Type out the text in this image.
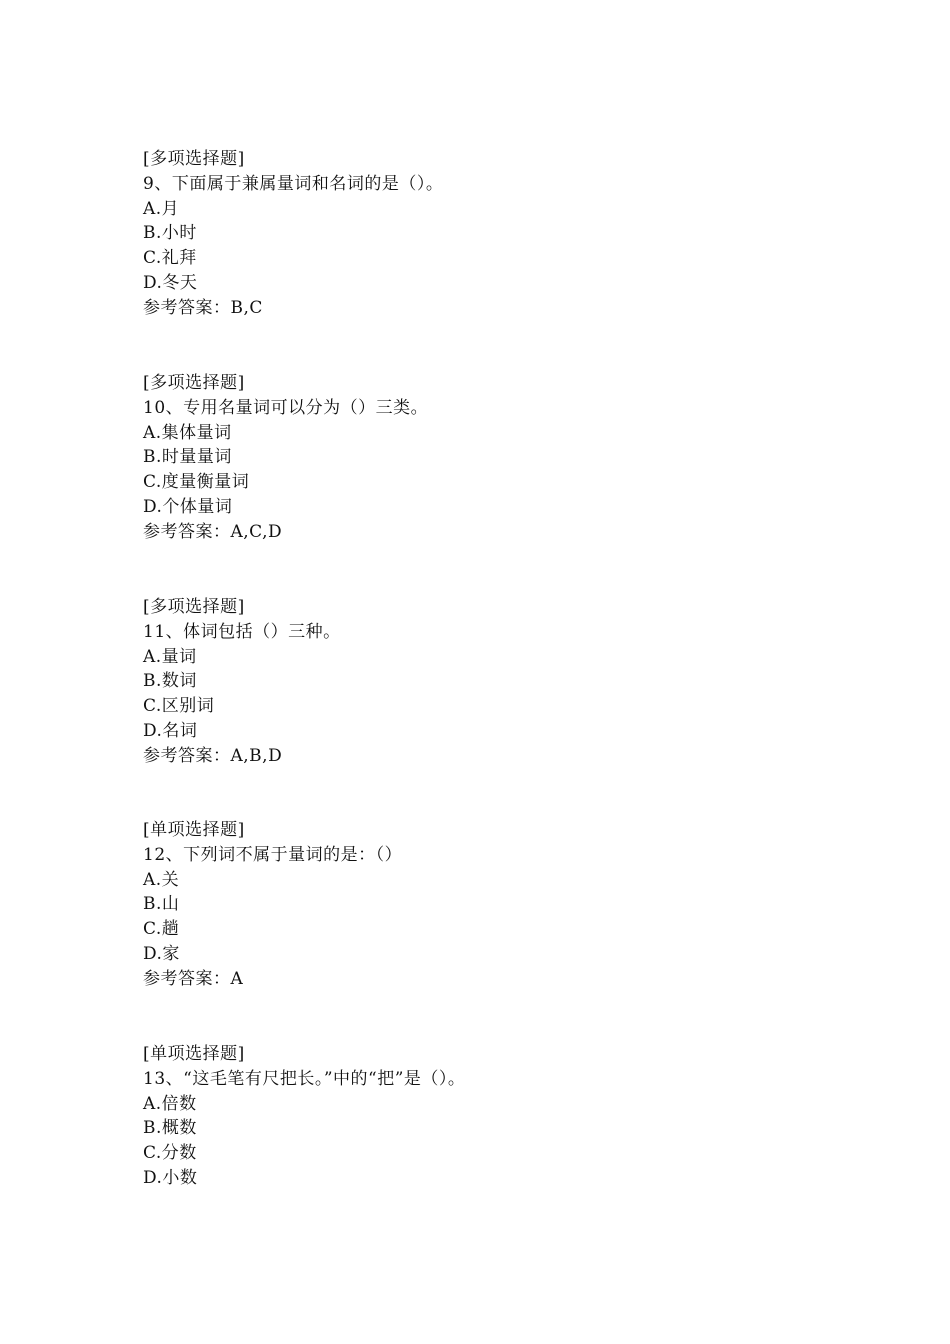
[多项选择题]
9、下面属于兼属量词和名词的是（）。
A.月
B.小时
C.礼拜
D.冬天
参考答案：B,C
[多项选择题]
10、专用名量词可以分为（）三类。
A.集体量词
B.时量量词
C.度量衡量词
D.个体量词
参考答案：A,C,D
[多项选择题]
11、体词包括（）三种。
A.量词
B.数词
C.区别词
D.名词
参考答案：A,B,D
[单项选择题]
12、下列词不属于量词的是：（）
A.关
B.山
C.趟
D.家
参考答案：A
[单项选择题]
13、“这毛笔有尺把长。”中的“把”是（）。
A.倍数
B.概数
C.分数
D.小数
